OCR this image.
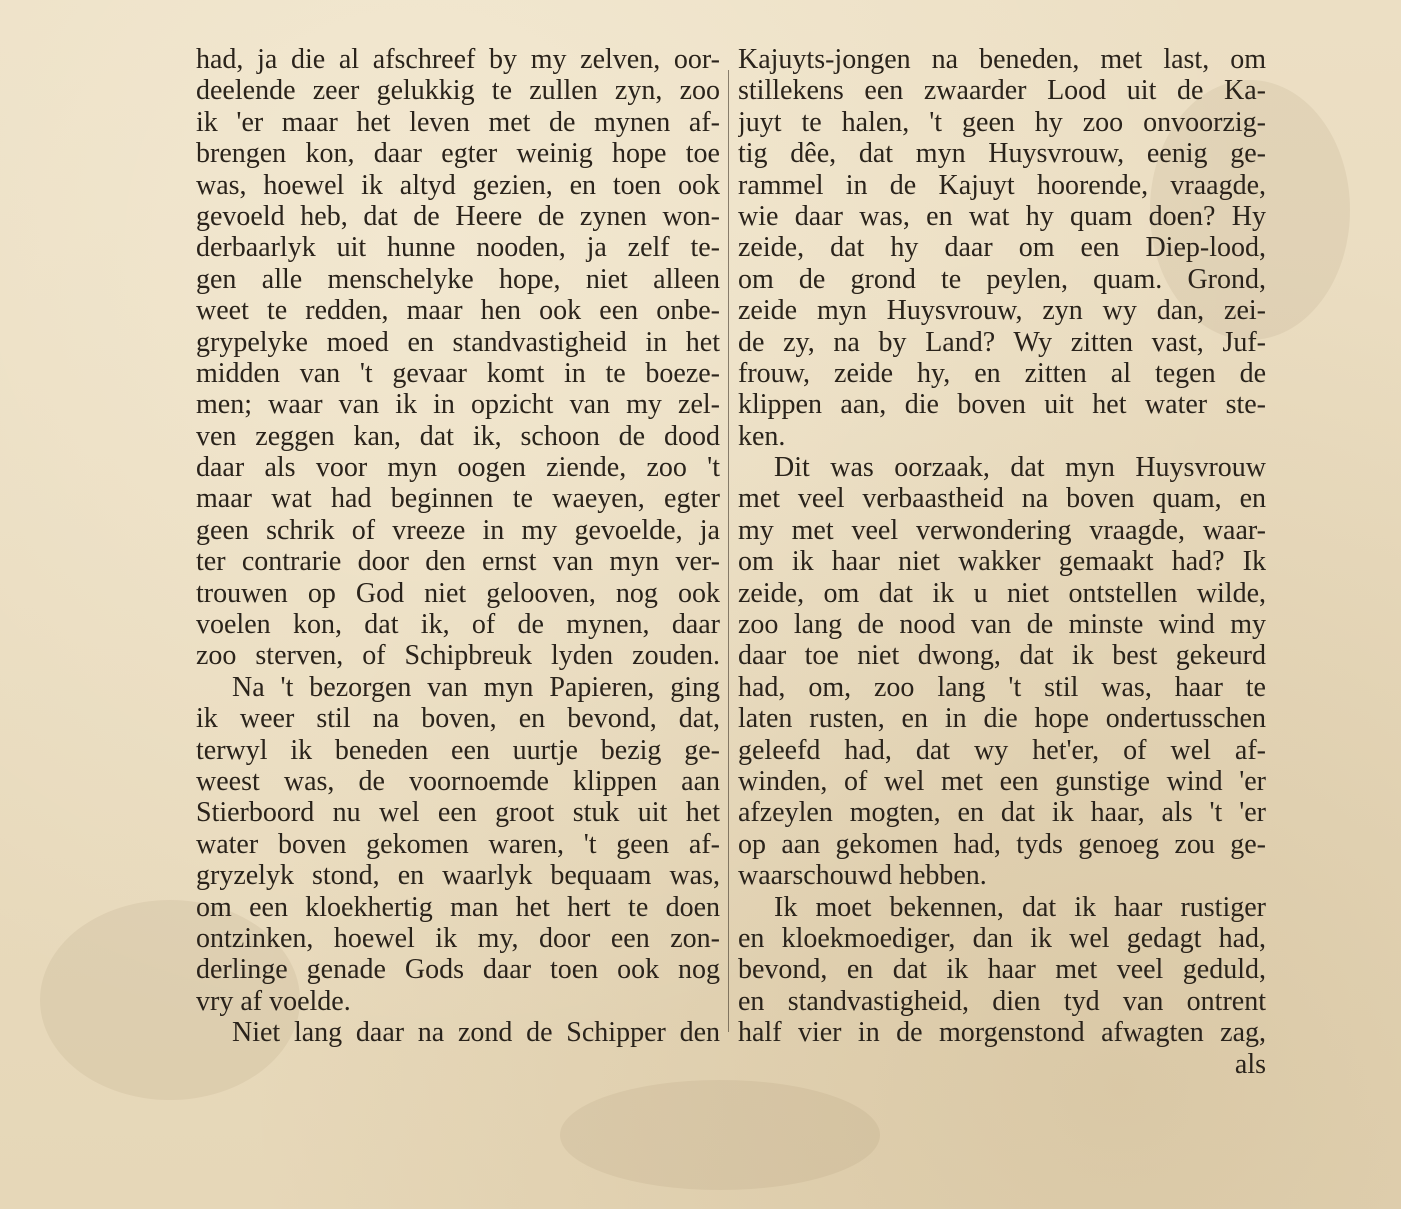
had, ja die al afschreef by my zelven, oor-
deelende zeer gelukkig te zullen zyn, zoo
ik 'er maar het leven met de mynen af-
brengen kon, daar egter weinig hope toe
was, hoewel ik altyd gezien, en toen ook
gevoeld heb, dat de Heere de zynen won-
derbaarlyk uit hunne nooden, ja zelf te-
gen alle menschelyke hope, niet alleen
weet te redden, maar hen ook een onbe-
grypelyke moed en standvastigheid in het
midden van 't gevaar komt in te boeze-
men; waar van ik in opzicht van my zel-
ven zeggen kan, dat ik, schoon de dood
daar als voor myn oogen ziende, zoo 't
maar wat had beginnen te waeyen, egter
geen schrik of vreeze in my gevoelde, ja
ter contrarie door den ernst van myn ver-
trouwen op God niet gelooven, nog ook
voelen kon, dat ik, of de mynen, daar
zoo sterven, of Schipbreuk lyden zouden.
Na 't bezorgen van myn Papieren, ging
ik weer stil na boven, en bevond, dat,
terwyl ik beneden een uurtje bezig ge-
weest was, de voornoemde klippen aan
Stierboord nu wel een groot stuk uit het
water boven gekomen waren, 't geen af-
gryzelyk stond, en waarlyk bequaam was,
om een kloekhertig man het hert te doen
ontzinken, hoewel ik my, door een zon-
derlinge genade Gods daar toen ook nog
vry af voelde.
Niet lang daar na zond de Schipper den
Kajuyts-jongen na beneden, met last, om
stillekens een zwaarder Lood uit de Ka-
juyt te halen, 't geen hy zoo onvoorzig-
tig dêe, dat myn Huysvrouw, eenig ge-
rammel in de Kajuyt hoorende, vraagde,
wie daar was, en wat hy quam doen? Hy
zeide, dat hy daar om een Diep-lood,
om de grond te peylen, quam. Grond,
zeide myn Huysvrouw, zyn wy dan, zei-
de zy, na by Land? Wy zitten vast, Juf-
frouw, zeide hy, en zitten al tegen de
klippen aan, die boven uit het water ste-
ken.
Dit was oorzaak, dat myn Huysvrouw
met veel verbaastheid na boven quam, en
my met veel verwondering vraagde, waar-
om ik haar niet wakker gemaakt had? Ik
zeide, om dat ik u niet ontstellen wilde,
zoo lang de nood van de minste wind my
daar toe niet dwong, dat ik best gekeurd
had, om, zoo lang 't stil was, haar te
laten rusten, en in die hope ondertusschen
geleefd had, dat wy het'er, of wel af-
winden, of wel met een gunstige wind 'er
afzeylen mogten, en dat ik haar, als 't 'er
op aan gekomen had, tyds genoeg zou ge-
waarschouwd hebben.
Ik moet bekennen, dat ik haar rustiger
en kloekmoediger, dan ik wel gedagt had,
bevond, en dat ik haar met veel geduld,
en standvastigheid, dien tyd van ontrent
half vier in de morgenstond afwagten zag,
als
